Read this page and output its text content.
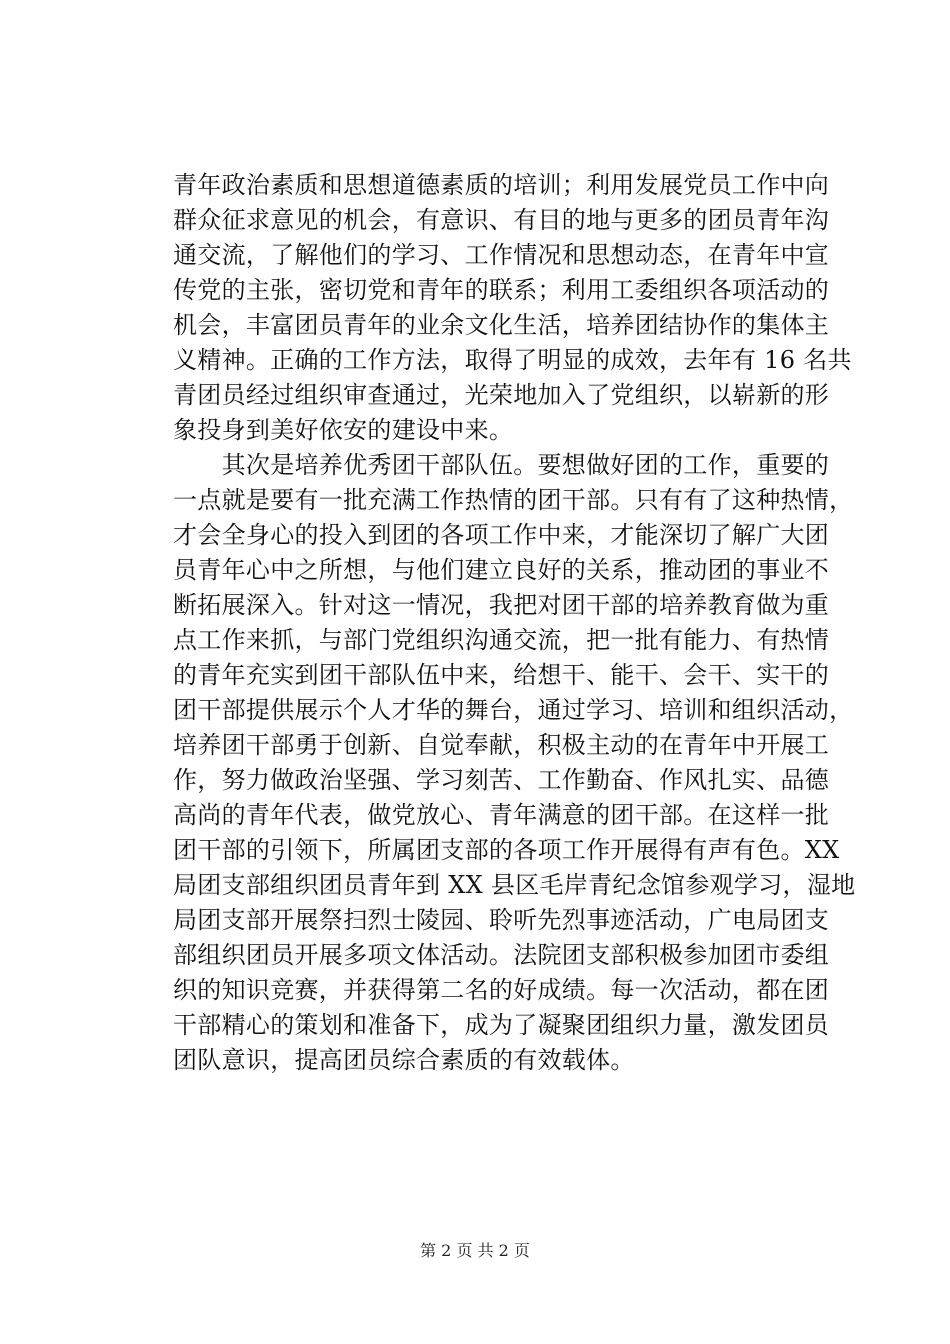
青年政治素质和思想道德素质的培训；利用发展党员工作中向
群众征求意见的机会，有意识、有目的地与更多的团员青年沟
通交流，了解他们的学习、工作情况和思想动态，在青年中宣
传党的主张，密切党和青年的联系；利用工委组织各项活动的
机会，丰富团员青年的业余文化生活，培养团结协作的集体主
义精神。正确的工作方法，取得了明显的成效，去年有 16 名共
青团员经过组织审查通过，光荣地加入了党组织，以崭新的形
象投身到美好依安的建设中来。
　　其次是培养优秀团干部队伍。要想做好团的工作，重要的
一点就是要有一批充满工作热情的团干部。只有有了这种热情，
才会全身心的投入到团的各项工作中来，才能深切了解广大团
员青年心中之所想，与他们建立良好的关系，推动团的事业不
断拓展深入。针对这一情况，我把对团干部的培养教育做为重
点工作来抓，与部门党组织沟通交流，把一批有能力、有热情
的青年充实到团干部队伍中来，给想干、能干、会干、实干的
团干部提供展示个人才华的舞台，通过学习、培训和组织活动，
培养团干部勇于创新、自觉奉献，积极主动的在青年中开展工
作，努力做政治坚强、学习刻苦、工作勤奋、作风扎实、品德
高尚的青年代表，做党放心、青年满意的团干部。在这样一批
团干部的引领下，所属团支部的各项工作开展得有声有色。XX
局团支部组织团员青年到 XX 县区毛岸青纪念馆参观学习，湿地
局团支部开展祭扫烈士陵园、聆听先烈事迹活动，广电局团支
部组织团员开展多项文体活动。法院团支部积极参加团市委组
织的知识竞赛，并获得第二名的好成绩。每一次活动，都在团
干部精心的策划和准备下，成为了凝聚团组织力量，激发团员
团队意识，提高团员综合素质的有效载体。
第 2 页 共 2 页
